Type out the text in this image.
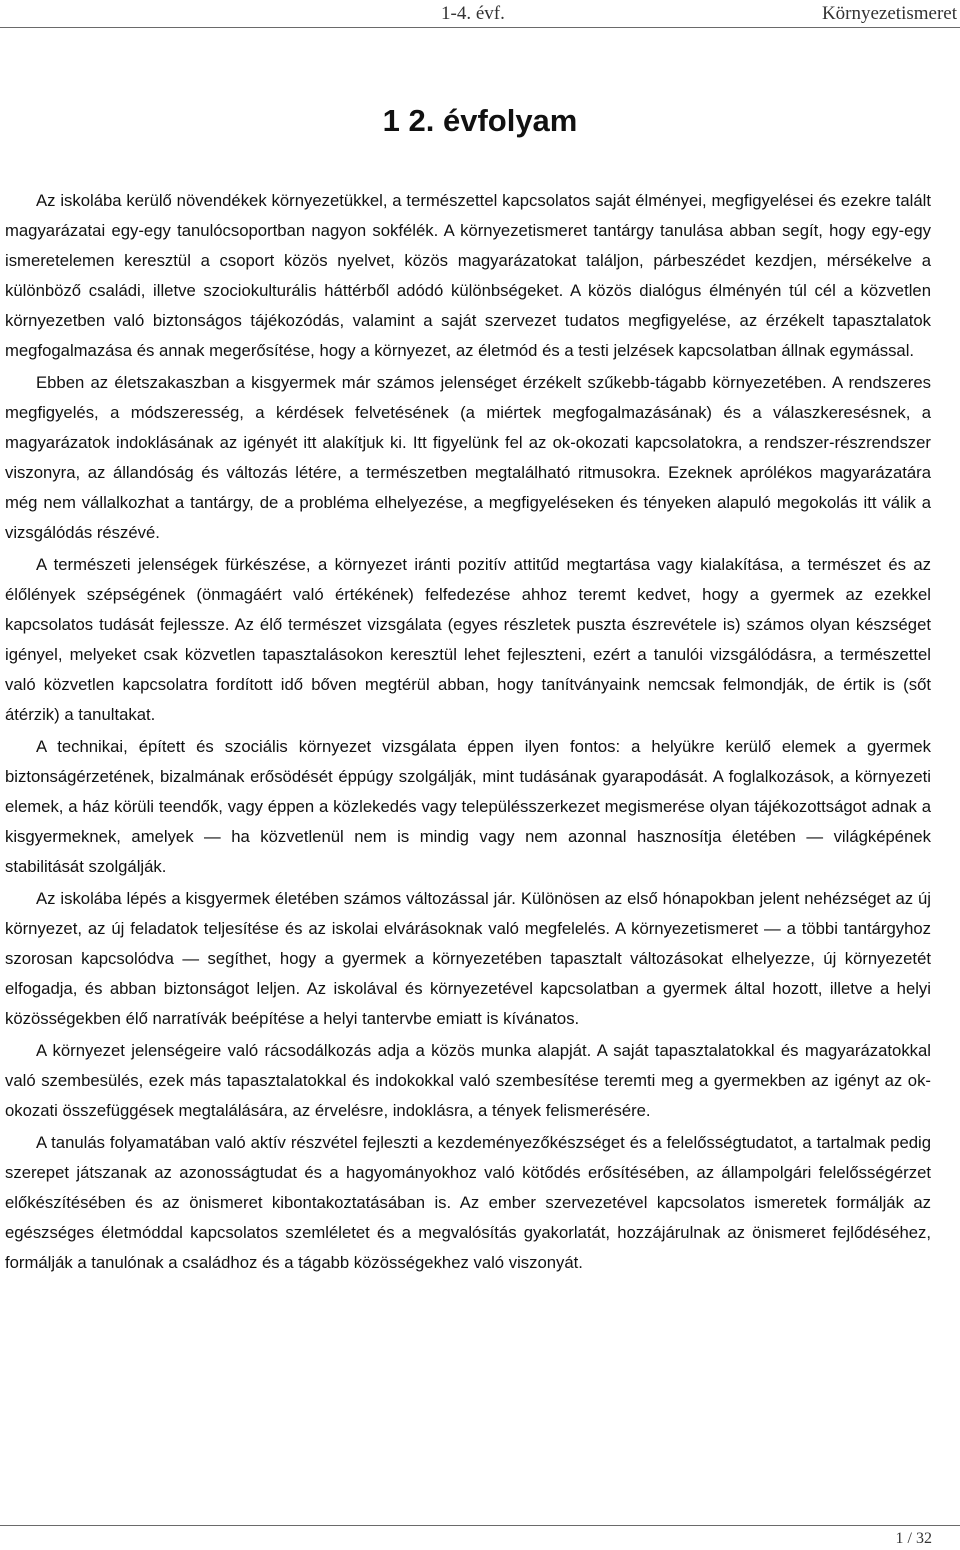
1-4. évf.	Környezetismeret
1 2. évfolyam

Az iskolába kerülő növendékek környezetükkel, a természettel kapcsolatos saját élményei, megfigyelései és ezekre talált magyarázatai egy-egy tanulócsoportban nagyon sokfélék. A környezetismeret tantárgy tanulása abban segít, hogy egy-egy ismeretelemen keresztül a csoport közös nyelvet, közös magyarázatokat találjon, párbeszédet kezdjen, mérsékelve a különböző családi, illetve szociokulturális háttérből adódó különbségeket. A közös dialógus élményén túl cél a közvetlen környezetben való biztonságos tájékozódás, valamint a saját szervezet tudatos megfigyelése, az érzékelt tapasztalatok megfogalmazása és annak megerősítése, hogy a környezet, az életmód és a testi jelzések kapcsolatban állnak egymással.

Ebben az életszakaszban a kisgyermek már számos jelenséget érzékelt szűkebb-tágabb környezetében. A rendszeres megfigyelés, a módszeresség, a kérdések felvetésének (a miértek megfogalmazásának) és a válaszkeresésnek, a magyarázatok indoklásának az igényét itt alakítjuk ki. Itt figyelünk fel az ok-okozati kapcsolatokra, a rendszer-részrendszer viszonyra, az állandóság és változás létére, a természetben megtalálható ritmusokra. Ezeknek aprólékos magyarázatára még nem vállalkozhat a tantárgy, de a probléma elhelyezése, a megfigyeléseken és tényeken alapuló megokolás itt válik a vizsgálódás részévé.

A természeti jelenségek fürkészése, a környezet iránti pozitív attitűd megtartása vagy kialakítása, a természet és az élőlények szépségének (önmagáért való értékének) felfedezése ahhoz teremt kedvet, hogy a gyermek az ezekkel kapcsolatos tudását fejlessze. Az élő természet vizsgálata (egyes részletek puszta észrevétele is) számos olyan készséget igényel, melyeket csak közvetlen tapasztalásokon keresztül lehet fejleszteni, ezért a tanulói vizsgálódásra, a természettel való közvetlen kapcsolatra fordított idő bőven megtérül abban, hogy tanítványaink nemcsak felmondják, de értik is (sőt átérzik) a tanultakat.

A technikai, épített és szociális környezet vizsgálata éppen ilyen fontos: a helyükre kerülő elemek a gyermek biztonságérzetének, bizalmának erősödését éppúgy szolgálják, mint tudásának gyarapodását. A foglalkozások, a környezeti elemek, a ház körüli teendők, vagy éppen a közlekedés vagy településszerkezet megismerése olyan tájékozottságot adnak a kisgyermeknek, amelyek — ha közvetlenül nem is mindig vagy nem azonnal hasznosítja életében — világképének stabilitását szolgálják.

Az iskolába lépés a kisgyermek életében számos változással jár. Különösen az első hónapokban jelent nehézséget az új környezet, az új feladatok teljesítése és az iskolai elvárásoknak való megfelelés. A környezetismeret — a többi tantárgyhoz szorosan kapcsolódva — segíthet, hogy a gyermek a környezetében tapasztalt változásokat elhelyezze, új környezetét elfogadja, és abban biztonságot leljen. Az iskolával és környezetével kapcsolatban a gyermek által hozott, illetve a helyi közösségekben élő narratívák beépítése a helyi tantervbe emiatt is kívánatos.

A környezet jelenségeire való rácsodálkozás adja a közös munka alapját. A saját tapasztalatokkal és magyarázatokkal való szembesülés, ezek más tapasztalatokkal és indokokkal való szembesítése teremti meg a gyermekben az igényt az ok-okozati összefüggések megtalálására, az érvelésre, indoklásra, a tények felismerésére.

A tanulás folyamatában való aktív részvétel fejleszti a kezdeményezőkészséget és a felelősségtudatot, a tartalmak pedig szerepet játszanak az azonosságtudat és a hagyományokhoz való kötődés erősítésében, az állampolgári felelősségérzet előkészítésében és az önismeret kibontakoztatásában is. Az ember szervezetével kapcsolatos ismeretek formálják az egészséges életmóddal kapcsolatos szemléletet és a megvalósítás gyakorlatát, hozzájárulnak az önismeret fejlődéséhez, formálják a tanulónak a családhoz és a tágabb közösségekhez való viszonyát.

1 / 32
